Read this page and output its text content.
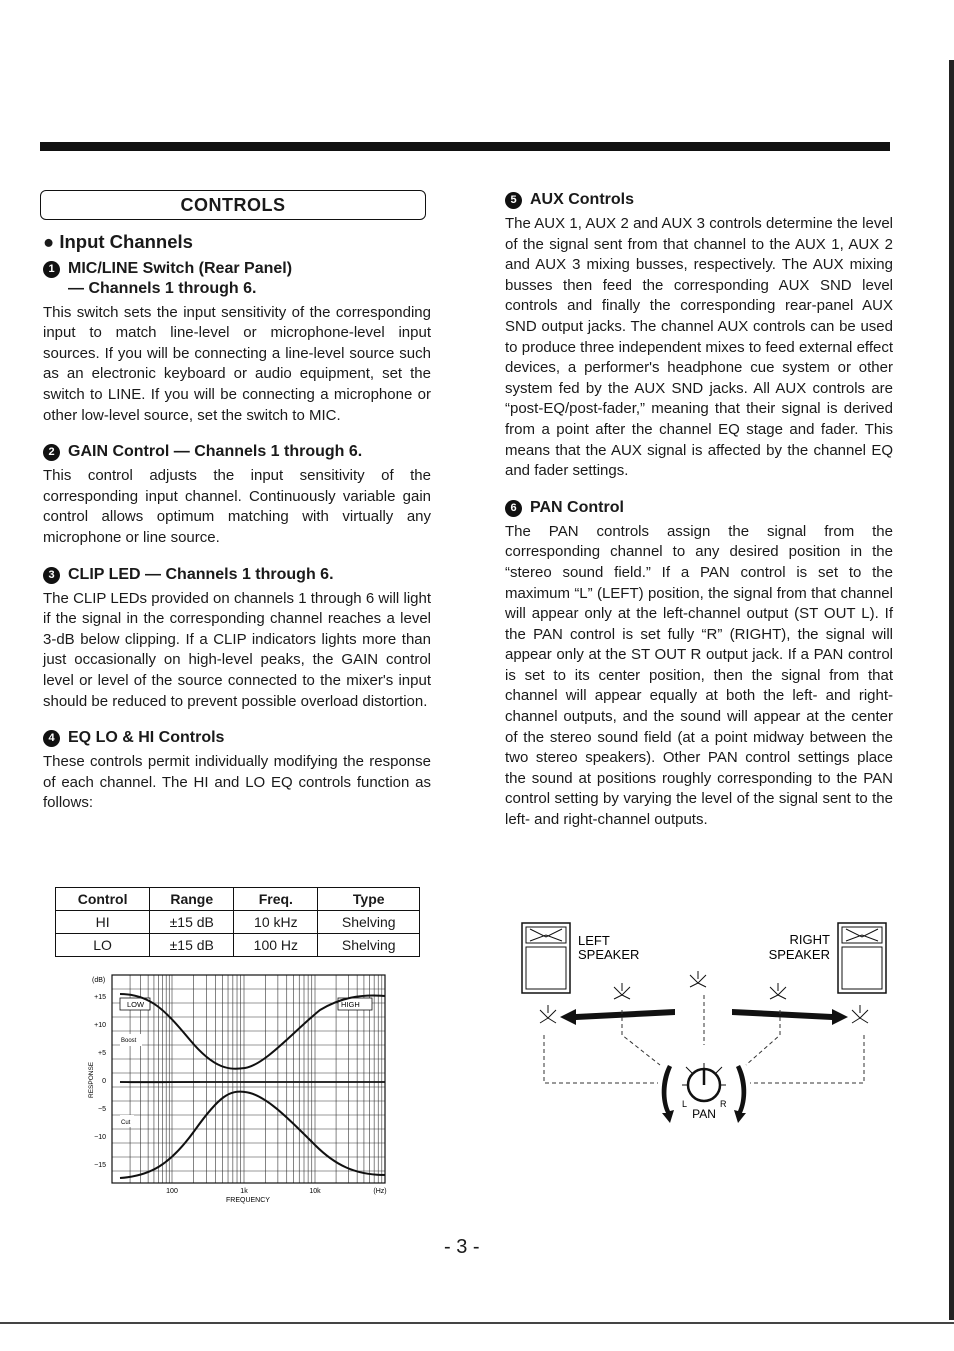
CONTROLS
● Input Channels
1 MIC/LINE Switch (Rear Panel)
— Channels 1 through 6.

This switch sets the input sensitivity of the corresponding input to match line-level or microphone-level input sources. If you will be connecting a line-level source such as an electronic keyboard or audio equipment, set the switch to LINE. If you will be connecting a microphone or other low-level source, set the switch to MIC.

2 GAIN Control — Channels 1 through 6.

This control adjusts the input sensitivity of the corresponding input channel. Continuously variable gain control allows optimum matching with virtually any microphone or line source.

3 CLIP LED — Channels 1 through 6.

The CLIP LEDs provided on channels 1 through 6 will light if the signal in the corresponding channel reaches a level 3-dB below clipping. If a CLIP indicators lights more than just occasionally on high-level peaks, the GAIN control level or level of the source connected to the mixer's input should be reduced to prevent possible overload distortion.

4 EQ LO & HI Controls

These controls permit individually modifying the response of each channel. The HI and LO EQ controls function as follows:

Control	Range	Freq.	Type
HI	±15 dB	10 kHz	Shelving
LO	±15 dB	100 Hz	Shelving
(dB)
+15
+10
+5
0
−5
−10
−15
RESPONSE
100	1k	10k	(Hz)
FREQUENCY
LOW	HIGH
Boost
Cut
5 AUX Controls

The AUX 1, AUX 2 and AUX 3 controls determine the level of the signal sent from that channel to the AUX 1, AUX 2 and AUX 3 mixing busses, respectively. The AUX mixing busses then feed the corresponding AUX SND level controls and finally the corresponding rear-panel AUX SND output jacks. The channel AUX controls can be used to produce three independent mixes to feed external effect devices, a performer's headphone cue system or other system fed by the AUX SND jacks. All AUX controls are “post-EQ/post-fader,” meaning that their signal is derived from a point after the channel EQ stage and fader. This means that the AUX signal is affected by the channel EQ and fader settings.

6 PAN Control

The PAN controls assign the signal from the corresponding channel to any desired position in the “stereo sound field.” If a PAN control is set to the maximum “L” (LEFT) position, the signal from that channel will appear only at the left-channel output (ST OUT L). If the PAN control is set fully “R” (RIGHT), the signal will appear only at the ST OUT R output jack. If a PAN control is set to its center position, then the signal from that channel will appear equally at both the left- and right-channel outputs, and the sound will appear at the center of the stereo sound field (at a point midway between the two stereo speakers). Other PAN control settings place the sound at positions roughly corresponding to the PAN control setting by varying the level of the signal sent to the left- and right-channel outputs.

LEFT
SPEAKER
RIGHT
SPEAKER
L	R
PAN
- 3 -
